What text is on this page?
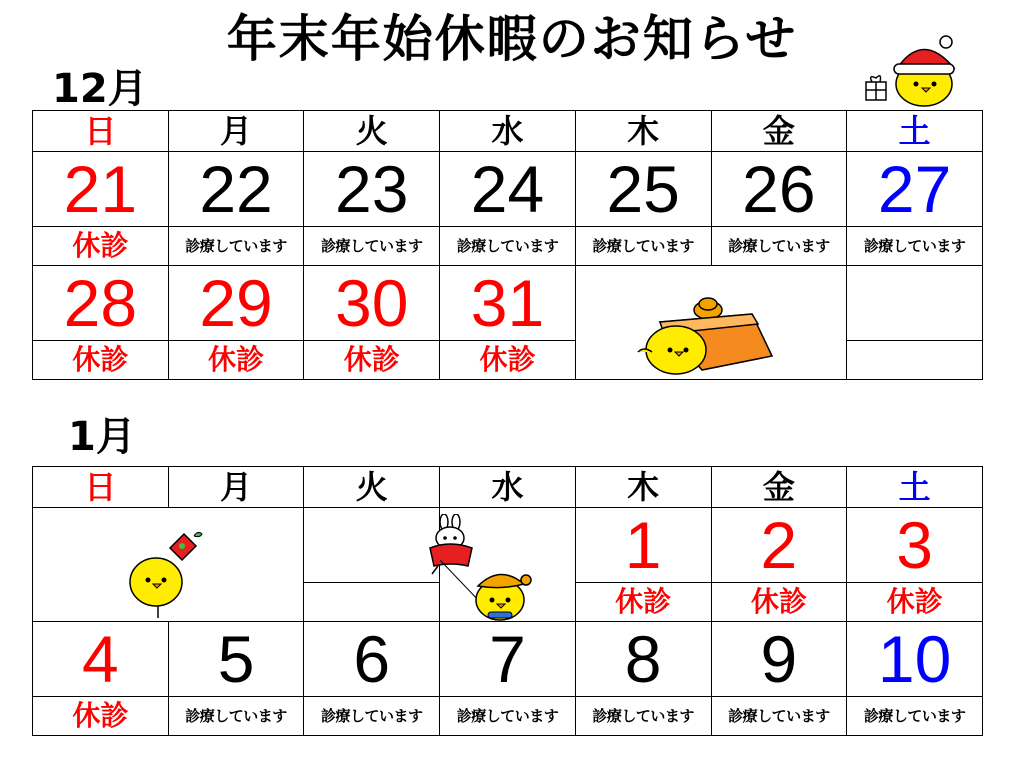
年末年始休暇のお知らせ
12月
日	月	火	水	木	金	土
21	22	23	24	25	26	27
休診	診療しています	診療しています	診療しています	診療しています	診療しています	診療しています
28	29	30	31			
休診	休診	休診	休診			
1月
日	月	火	水	木	金	土
				1	2	3
				休診	休診	休診
4	5	6	7	8	9	10
休診	診療しています	診療しています	診療しています	診療しています	診療しています	診療しています
